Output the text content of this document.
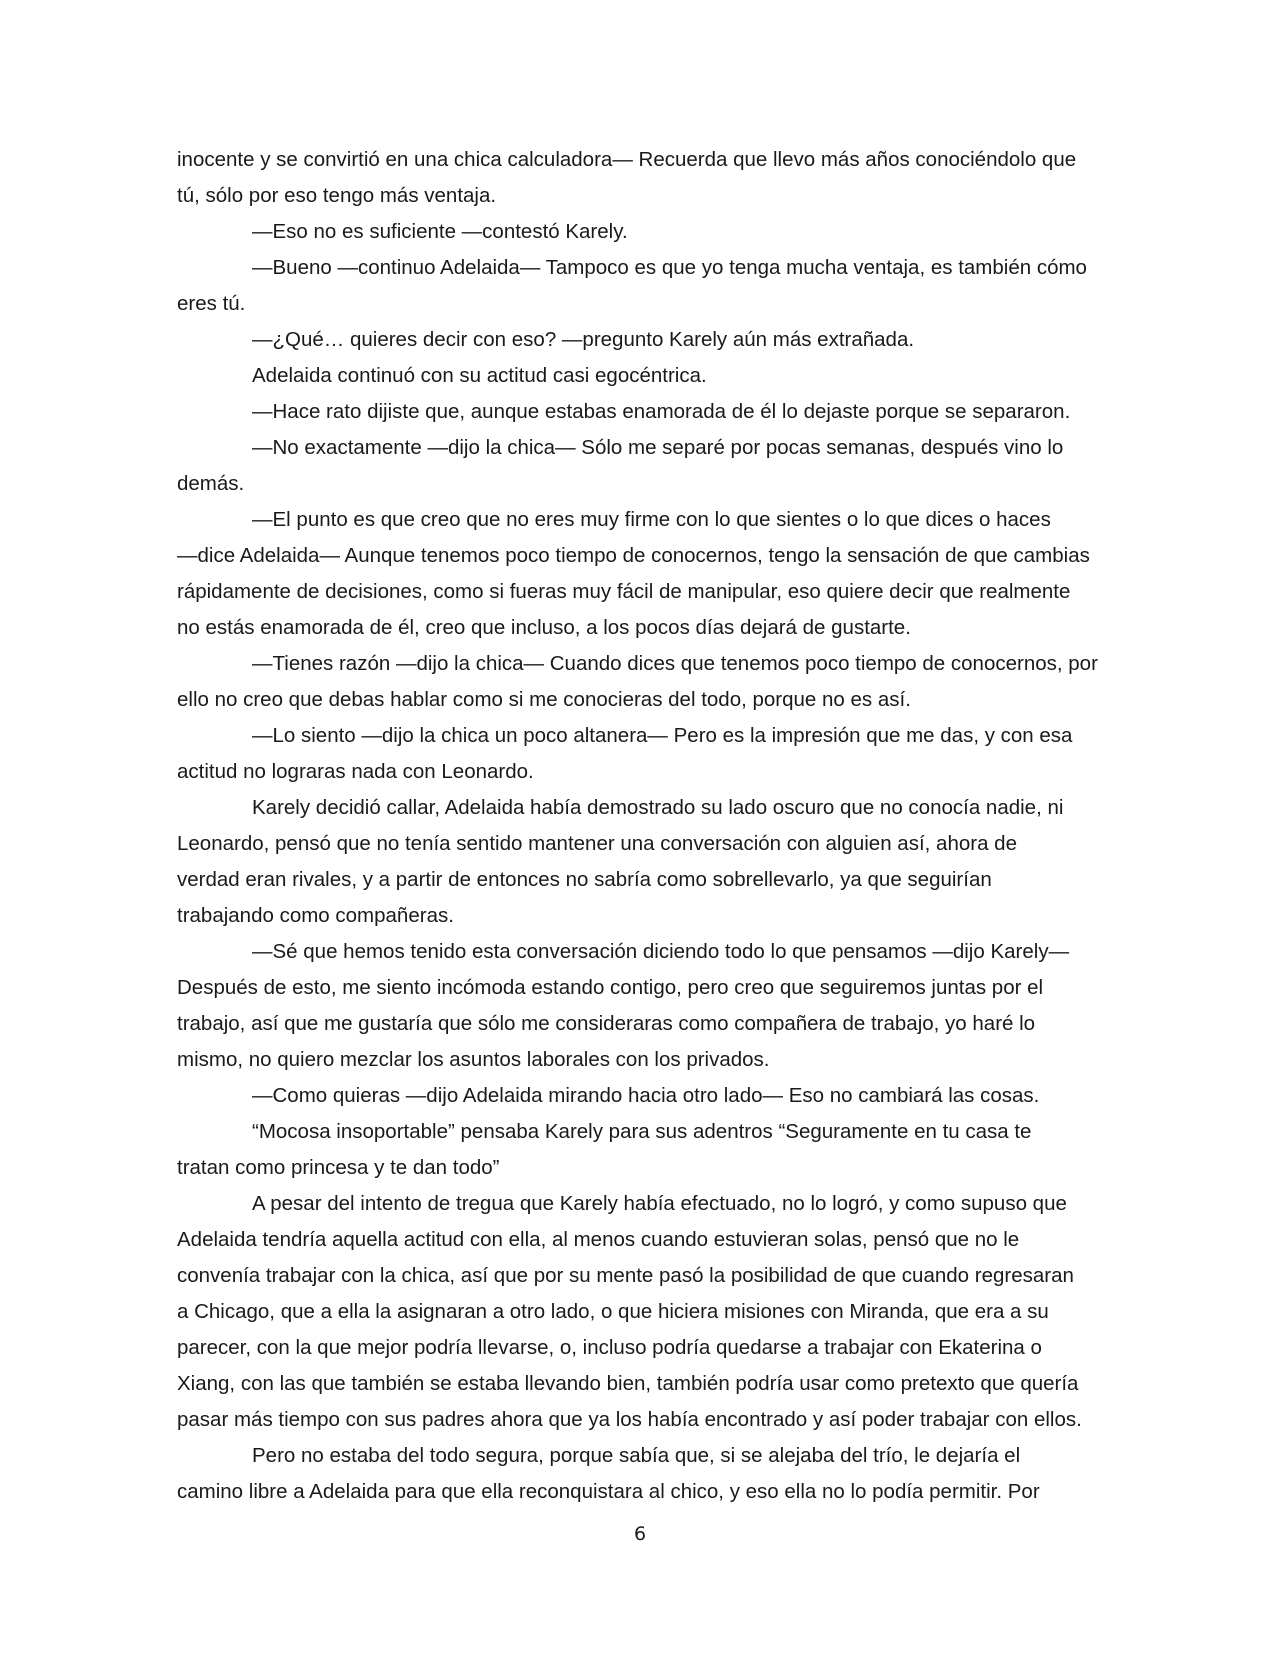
inocente y se convirtió en una chica calculadora— Recuerda que llevo más años conociéndolo que
tú, sólo por eso tengo más ventaja.
—Eso no es suficiente —contestó Karely.
—Bueno —continuo Adelaida— Tampoco es que yo tenga mucha ventaja, es también cómo
eres tú.
—¿Qué… quieres decir con eso? —pregunto Karely aún más extrañada.
Adelaida continuó con su actitud casi egocéntrica.
—Hace rato dijiste que, aunque estabas enamorada de él lo dejaste porque se separaron.
—No exactamente —dijo la chica— Sólo me separé por pocas semanas, después vino lo
demás.
—El punto es que creo que no eres muy firme con lo que sientes o lo que dices o haces
—dice Adelaida— Aunque tenemos poco tiempo de conocernos, tengo la sensación de que cambias
rápidamente de decisiones, como si fueras muy fácil de manipular, eso quiere decir que realmente
no estás enamorada de él, creo que incluso, a los pocos días dejará de gustarte.
—Tienes razón —dijo la chica— Cuando dices que tenemos poco tiempo de conocernos, por
ello no creo que debas hablar como si me conocieras del todo, porque no es así.
—Lo siento —dijo la chica un poco altanera— Pero es la impresión que me das, y con esa
actitud no lograras nada con Leonardo.
Karely decidió callar, Adelaida había demostrado su lado oscuro que no conocía nadie, ni
Leonardo, pensó que no tenía sentido mantener una conversación con alguien así, ahora de
verdad eran rivales, y a partir de entonces no sabría como sobrellevarlo, ya que seguirían
trabajando como compañeras.
—Sé que hemos tenido esta conversación diciendo todo lo que pensamos —dijo Karely—
Después de esto, me siento incómoda estando contigo, pero creo que seguiremos juntas por el
trabajo, así que me gustaría que sólo me consideraras como compañera de trabajo, yo haré lo
mismo, no quiero mezclar los asuntos laborales con los privados.
—Como quieras —dijo Adelaida mirando hacia otro lado— Eso no cambiará las cosas.
“Mocosa insoportable” pensaba Karely para sus adentros “Seguramente en tu casa te
tratan como princesa y te dan todo”
A pesar del intento de tregua que Karely había efectuado, no lo logró, y como supuso que
Adelaida tendría aquella actitud con ella, al menos cuando estuvieran solas, pensó que no le
convenía trabajar con la chica, así que por su mente pasó la posibilidad de que cuando regresaran
a Chicago, que a ella la asignaran a otro lado, o que hiciera misiones con Miranda, que era a su
parecer, con la que mejor podría llevarse, o, incluso podría quedarse a trabajar con Ekaterina o
Xiang, con las que también se estaba llevando bien, también podría usar como pretexto que quería
pasar más tiempo con sus padres ahora que ya los había encontrado y así poder trabajar con ellos.
Pero no estaba del todo segura, porque sabía que, si se alejaba del trío, le dejaría el
camino libre a Adelaida para que ella reconquistara al chico, y eso ella no lo podía permitir. Por
6
